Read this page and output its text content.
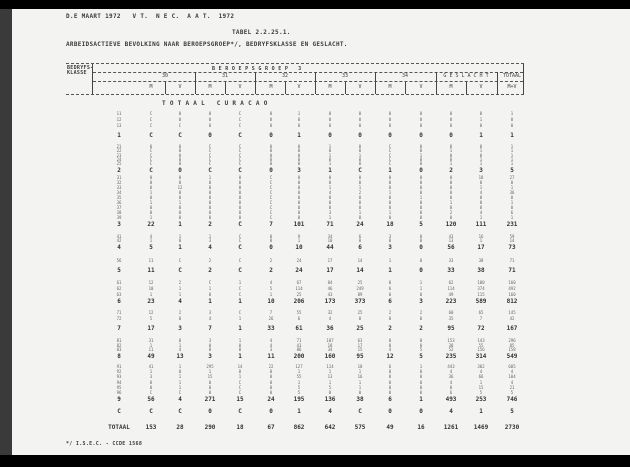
D.E MAART 1972   V T.  N E C.  A A T.  1972
TABEL 2.2.25.1.
ARBEIDSACTIEVE BEVOLKING NAAR BEROEPSGROEP*/, BEDRYFSKLASSE EN GESLACHT.
BEDRYFS-
KLASSE
B E R O E P S G R O E P   3
T O T A A L   C U R A C A O
*/ I.S.E.C. - CCDE 1568
30	31	32	33	34	G E S L A C H T	TOTAAL
M	V	M	V	M	V	M	V	M	V	M	V	M+V
11	C	0	0	C	0	1	0	0	0	0	0	0	1
12	C	0	0	C	0	0	0	0	0	0	0	1	0
13	C	C	0	C	0	0	0	0	0	0	0	0	0
1	C	C	0	C	0	1	0	0	0	0	0	1	1
21	0	0	C	C	0	0	1	0	C	0	0	0	1
22	C	0	C	C	0	0	0	0	C	0	1	1	1
23	C	0	C	C	0	0	1	1	C	1	0	0	1
24	C	0	C	C	0	0	0	0	C	0	0	1	1
25	C	0	C	C	0	0	1	0	C	0	1	1	1
2	C	0	C	C	0	3	1	C	1	0	2	3	5
31	0	0	1	0	C	0	0	0	0	0	0	18	27
32	0	0	0	0	C	0	0	0	0	0	0	0	0
33	0	12	0	0	C	0	1	1	0	0	0	1	1
34	1	0	0	0	C	0	4	2	1	0	0	4	36
35	0	0	0	0	C	0	0	0	0	1	0	0	0
36	1	1	0	0	C	0	0	0	0	0	1	0	1
37	0	0	0	0	C	0	0	0	0	0	0	0	0
38	0	0	0	0	C	0	3	1	1	0	2	4	6
39	1	0	0	0	C	0	1	0	0	0	0	1	1
3	22	1	2	C	7	101	71	24	18	5	120	111	231
41	4	1	1	C	0	9	34	6	3	0	43	16	59
42	1	0	3	C	0	1	10	0	0	0	13	1	14
4	5	1	4	C	0	10	44	6	3	0	56	17	73
56	11	C	2	C	2	24	17	14	1	0	33	38	71
5	11	C	2	C	2	24	17	14	1	0	33	38	71
61	12	2	C	1	4	67	84	25	0	1	62	100	160
62	10	1	1	C	5	114	46	249	6	1	114	374	492
63	1	1	0	C	1	25	43	89	0	0	49	115	160
6	23	4	1	1	10	206	173	373	6	3	223	589	812
71	12	2	3	C	7	55	32	25	2	2	60	65	145
72	5	0	4	1	26	6	4	0	0	0	35	7	42
7	17	3	7	1	33	61	36	25	2	2	95	72	167
81	31	8	3	1	4	71	107	63	8	0	153	143	296
82	1	1	0	0	4	43	18	17	0	0	30	55	85
83	11	4	0	0	3	86	34	15	4	5	52	156	158
8	49	13	3	1	11	200	160	95	12	5	235	314	549
91	41	1	295	14	22	127	114	18	6	1	443	302	605
92	1	0	1	0	0	1	1	1	0	0	4	4	4
93	3	1	15	1	0	55	13	16	0	0	36	66	104
94	0	1	0	C	0	1	1	1	0	0	4	1	4
95	0	1	0	C	0	5	5	1	0	0	0	15	21
96	C	C	0	C	0	5	0	0	0	0	6	5	5
9	56	4	271	15	24	195	136	38	6	1	493	253	746
C	C	C	0	C	0	1	4	C	0	0	4	1	5
TOTAAL	153	28	290	18	67	862	642	575	49	16	1261	1469	2730
